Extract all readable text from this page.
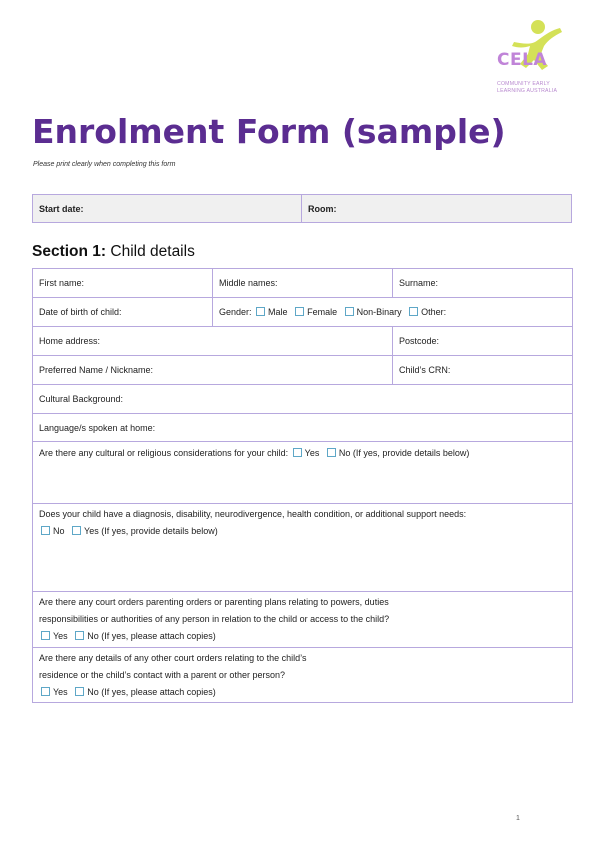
CELA
COMMUNITY EARLY LEARNING AUSTRALIA
Enrolment Form (sample)
Please print clearly when completing this form
Start date:	Room:
Section 1: Child details
First name:	Middle names:	Surname:
Date of birth of child:	Gender: Male Female Non-Binary Other:	
Home address:		Postcode:
Preferred Name / Nickname:		Child’s CRN:
Cultural Background:		
Language/s spoken at home:		
Are there any cultural or religious considerations for your child: Yes No (If yes, provide details below)		

Does your child have a diagnosis, disability, neurodivergence, health condition, or additional support needs:
No Yes (If yes, provide details below)		

Are there any court orders parenting orders or parenting plans relating to powers, duties
responsibilities or authorities of any person in relation to the child or access to the child?
Yes No (If yes, please attach copies)		

Are there any details of any other court orders relating to the child’s
residence or the child’s contact with a parent or other person?
Yes No (If yes, please attach copies)		
1
